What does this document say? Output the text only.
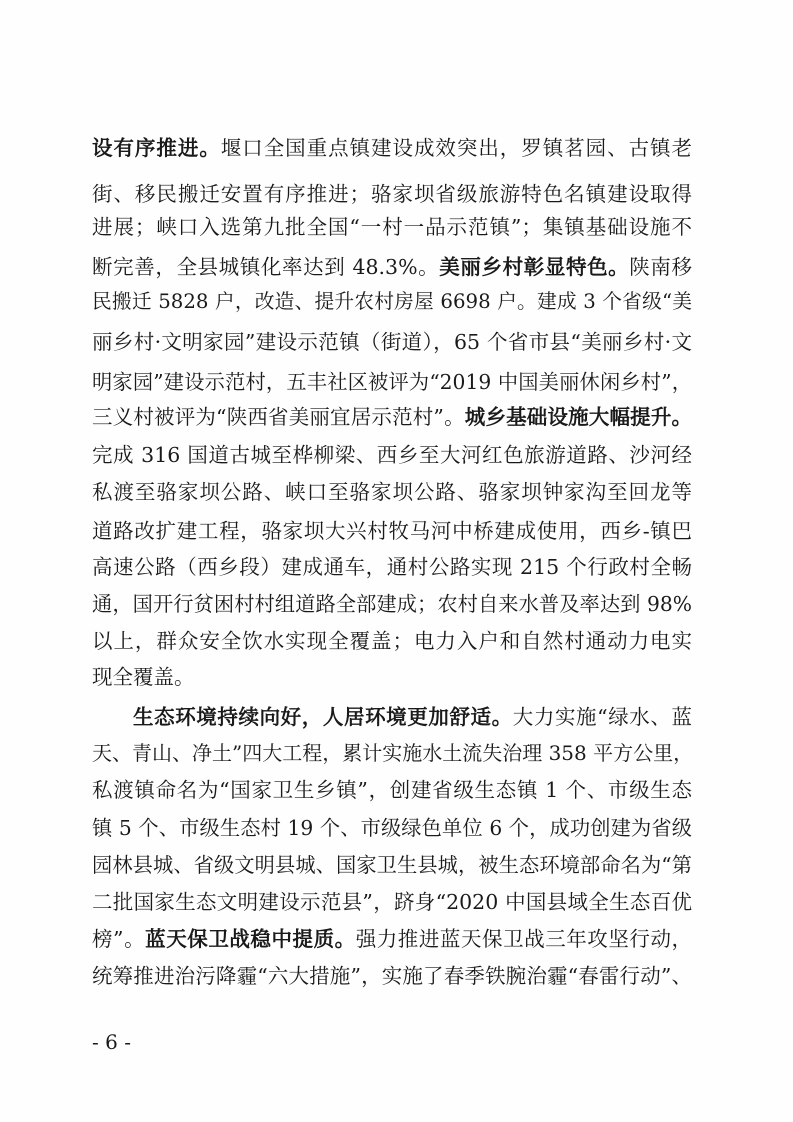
设有序推进。堰口全国重点镇建设成效突出，罗镇茗园、古镇老
街、移民搬迁安置有序推进；骆家坝省级旅游特色名镇建设取得
进展；峡口入选第九批全国“一村一品示范镇”；集镇基础设施不
断完善，全县城镇化率达到 48.3%。美丽乡村彰显特色。陕南移
民搬迁 5828 户，改造、提升农村房屋 6698 户。建成 3 个省级“美
丽乡村·文明家园”建设示范镇（街道），65 个省市县“美丽乡村·文
明家园”建设示范村，五丰社区被评为“2019 中国美丽休闲乡村”，
三义村被评为“陕西省美丽宜居示范村”。城乡基础设施大幅提升。
完成 316 国道古城至桦柳梁、西乡至大河红色旅游道路、沙河经
私渡至骆家坝公路、峡口至骆家坝公路、骆家坝钟家沟至回龙等
道路改扩建工程，骆家坝大兴村牧马河中桥建成使用，西乡-镇巴
高速公路（西乡段）建成通车，通村公路实现 215 个行政村全畅
通，国开行贫困村村组道路全部建成；农村自来水普及率达到 98%
以上，群众安全饮水实现全覆盖；电力入户和自然村通动力电实
现全覆盖。
生态环境持续向好，人居环境更加舒适。大力实施“绿水、蓝
天、青山、净土”四大工程，累计实施水土流失治理 358 平方公里，
私渡镇命名为“国家卫生乡镇”，创建省级生态镇 1 个、市级生态
镇 5 个、市级生态村 19 个、市级绿色单位 6 个，成功创建为省级
园林县城、省级文明县城、国家卫生县城，被生态环境部命名为“第
二批国家生态文明建设示范县”，跻身“2020 中国县域全生态百优
榜”。蓝天保卫战稳中提质。强力推进蓝天保卫战三年攻坚行动，
统筹推进治污降霾“六大措施”，实施了春季铁腕治霾“春雷行动”、
- 6 -
